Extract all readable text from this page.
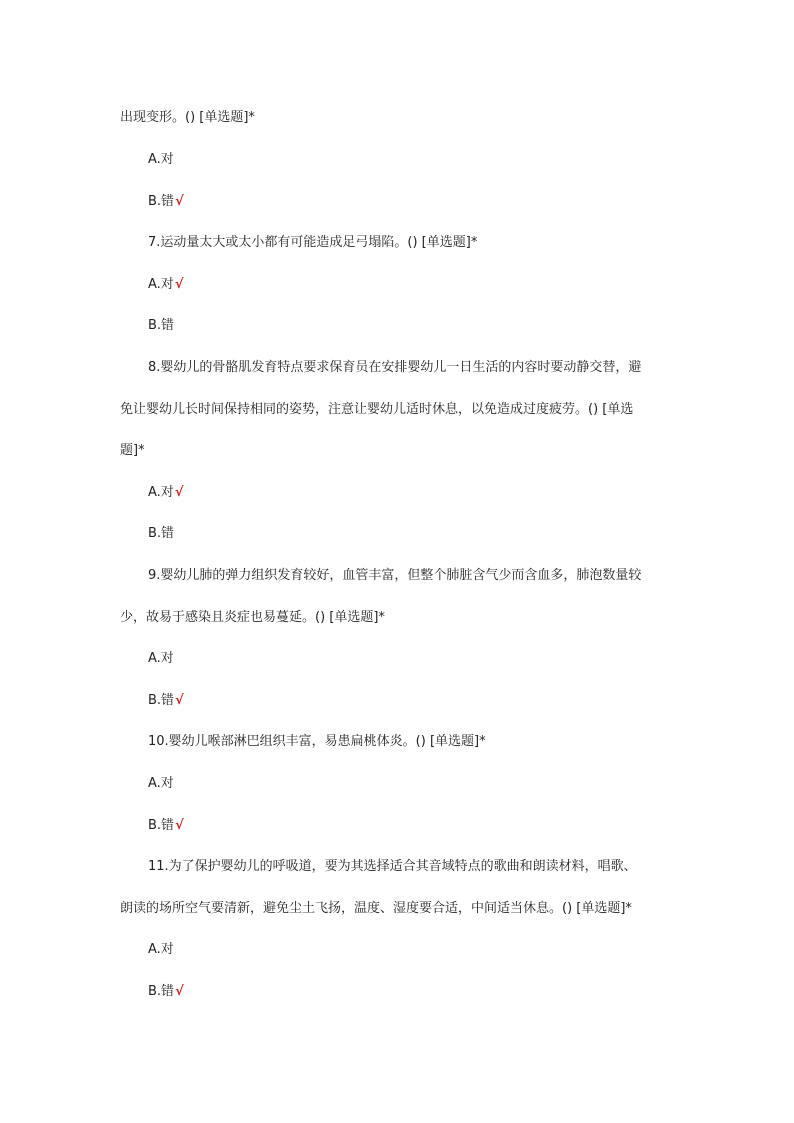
出现变形。() [单选题]*
A.对
B.错√
7.运动量太大或太小都有可能造成足弓塌陷。() [单选题]*
A.对√
B.错
8.婴幼儿的骨骼肌发育特点要求保育员在安排婴幼儿一日生活的内容时要动静交替，避
免让婴幼儿长时间保持相同的姿势，注意让婴幼儿适时休息，以免造成过度疲劳。() [单选
题]*
A.对√
B.错
9.婴幼儿肺的弹力组织发育较好，血管丰富，但整个肺脏含气少而含血多，肺泡数量较
少，故易于感染且炎症也易蔓延。() [单选题]*
A.对
B.错√
10.婴幼儿喉部淋巴组织丰富，易患扁桃体炎。() [单选题]*
A.对
B.错√
11.为了保护婴幼儿的呼吸道，要为其选择适合其音域特点的歌曲和朗读材料，唱歌、
朗读的场所空气要清新，避免尘土飞扬，温度、湿度要合适，中间适当休息。() [单选题]*
A.对
B.错√
